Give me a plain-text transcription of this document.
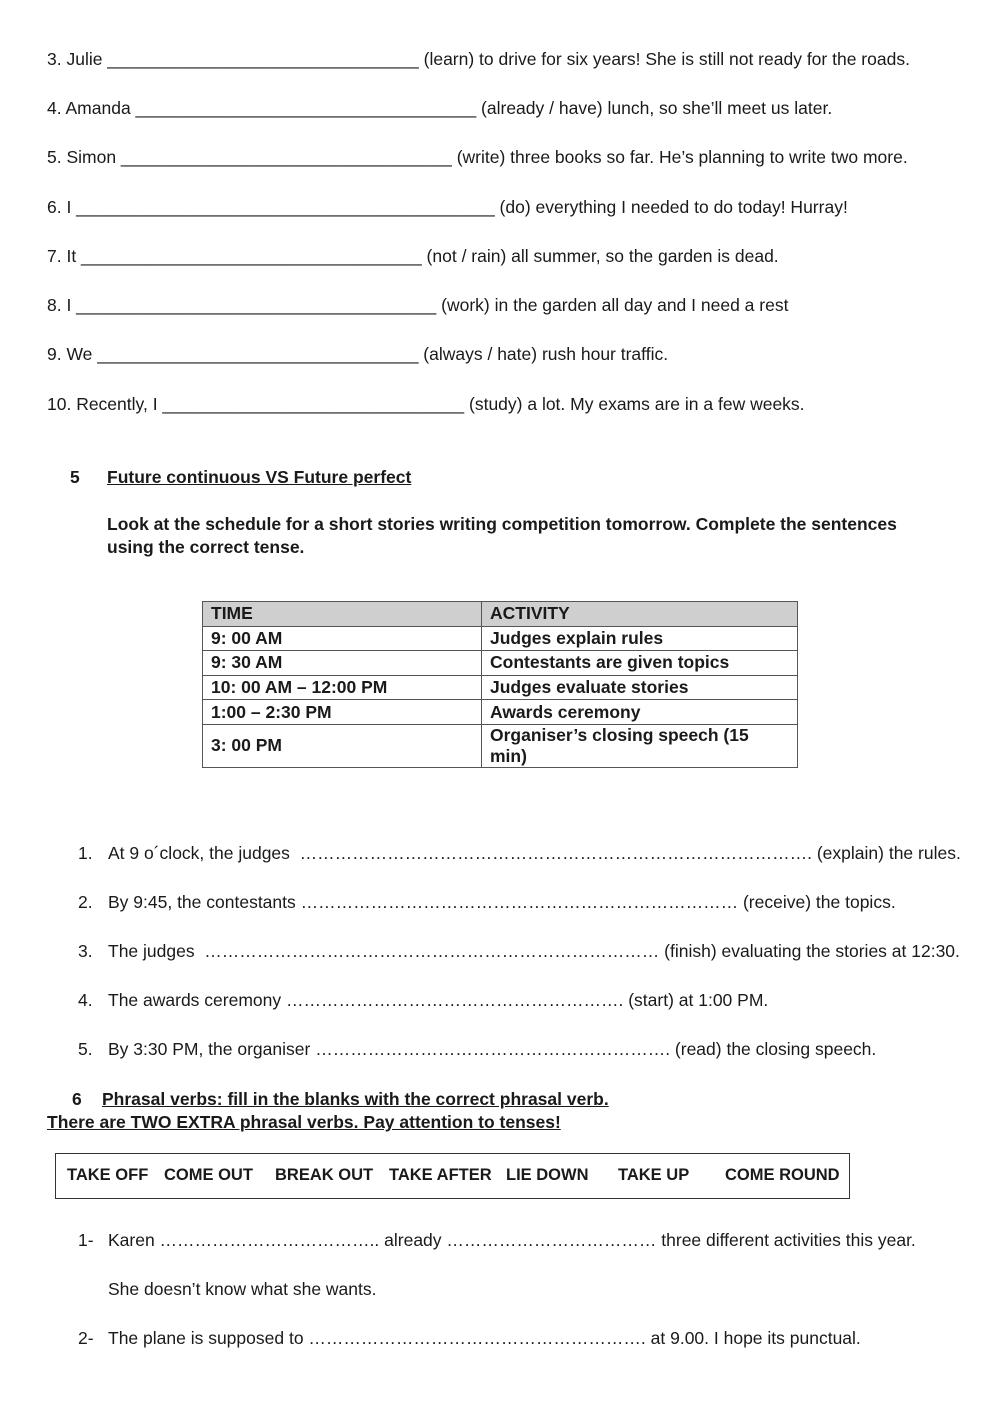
3. Julie ________________________________ (learn) to drive for six years! She is still not ready for the roads.
4. Amanda ___________________________________ (already / have) lunch, so she’ll meet us later.
5. Simon __________________________________ (write) three books so far. He’s planning to write two more.
6. I ___________________________________________ (do) everything I needed to do today! Hurray!
7. It ___________________________________ (not / rain) all summer, so the garden is dead.
8. I _____________________________________ (work) in the garden all day and I need a rest
9. We _________________________________ (always / hate) rush hour traffic.
10. Recently, I _______________________________ (study) a lot. My exams are in a few weeks.
5 Future continuous VS Future perfect
Look at the schedule for a short stories writing competition tomorrow. Complete the sentences
using the correct tense.
TIME	ACTIVITY
9: 00 AM	Judges explain rules
9: 30 AM	Contestants are given topics
10: 00 AM – 12:00 PM	Judges evaluate stories
1:00 – 2:30 PM	Awards ceremony
3: 00 PM	Organiser’s closing speech (15 min)
1. At 9 o´clock, the judges  ……………………………………………………………………………. (explain) the rules.
2. By 9:45, the contestants ………………………………………………………………… (receive) the topics.
3. The judges  …………………………………………………………………… (finish) evaluating the stories at 12:30.
4. The awards ceremony …………………………………………………. (start) at 1:00 PM.
5. By 3:30 PM, the organiser ……………………………………………………. (read) the closing speech.
6 Phrasal verbs: fill in the blanks with the correct phrasal verb.
There are TWO EXTRA phrasal verbs. Pay attention to tenses!
TAKE OFF COME OUT BREAK OUT TAKE AFTER LIE DOWN TAKE UP COME ROUND
1- Karen ……………………………….. already ……………………………… three different activities this year.
She doesn’t know what she wants.
2- The plane is supposed to …………………………………………………. at 9.00. I hope its punctual.
